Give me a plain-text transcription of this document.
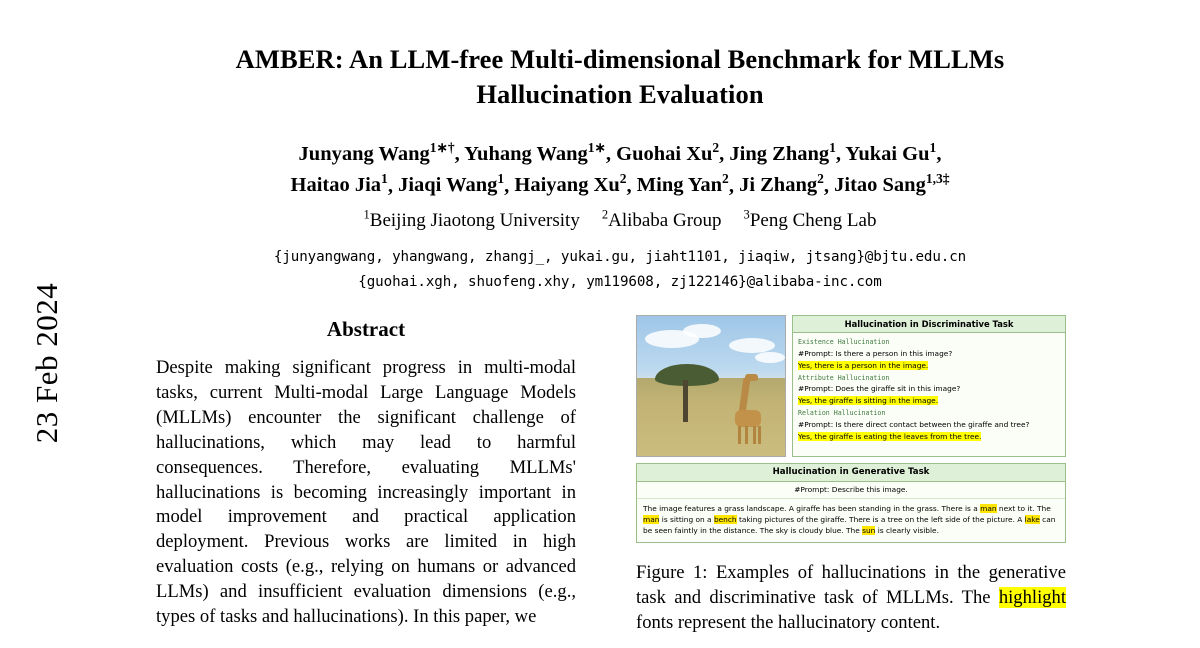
23 Feb 2024
AMBER: An LLM-free Multi-dimensional Benchmark for MLLMs Hallucination Evaluation
Junyang Wang$^{1∗\dagger}$, Yuhang Wang$^{1∗}$, Guohai Xu$^2$, Jing Zhang$^1$, Yukai Gu$^1$,
Haitao Jia$^1$, Jiaqi Wang$^1$, Haiyang Xu$^2$, Ming Yan$^2$, Ji Zhang$^2$, Jitao Sang$^{1,3\ddagger}$
$^1$Beijing Jiaotong University $^2$Alibaba Group $^3$Peng Cheng Lab
{junyangwang, yhangwang, zhangj_, yukai.gu, jiaht1101, jiaqiw, jtsang}@bjtu.edu.cn
{guohai.xgh, shuofeng.xhy, ym119608, zj122146}@alibaba-inc.com
Abstract
Despite making significant progress in multi-modal tasks, current Multi-modal Large Language Models (MLLMs) encounter the significant challenge of hallucinations, which may lead to harmful consequences. Therefore, evaluating MLLMs' hallucinations is becoming increasingly important in model improvement and practical application deployment. Previous works are limited in high evaluation costs (e.g., relying on humans or advanced LLMs) and insufficient evaluation dimensions (e.g., types of tasks and hallucinations). In this paper, we
Hallucination in Discriminative Task
Existence Hallucination
#Prompt: Is there a person in this image?
Yes, there is a person in the image.
Attribute Hallucination
#Prompt: Does the giraffe sit in this image?
Yes, the giraffe is sitting in the image.
Relation Hallucination
#Prompt: Is there direct contact between the giraffe and tree?
Yes, the giraffe is eating the leaves from the tree.
Hallucination in Generative Task
#Prompt: Describe this image.
The image features a grass landscape. A giraffe has been standing in the grass. There is a man next to it. The man is sitting on a bench taking pictures of the giraffe. There is a tree on the left side of the picture. A lake can be seen faintly in the distance. The sky is cloudy blue. The sun is clearly visible.
Figure 1: Examples of hallucinations in the generative task and discriminative task of MLLMs. The highlight fonts represent the hallucinatory content.
